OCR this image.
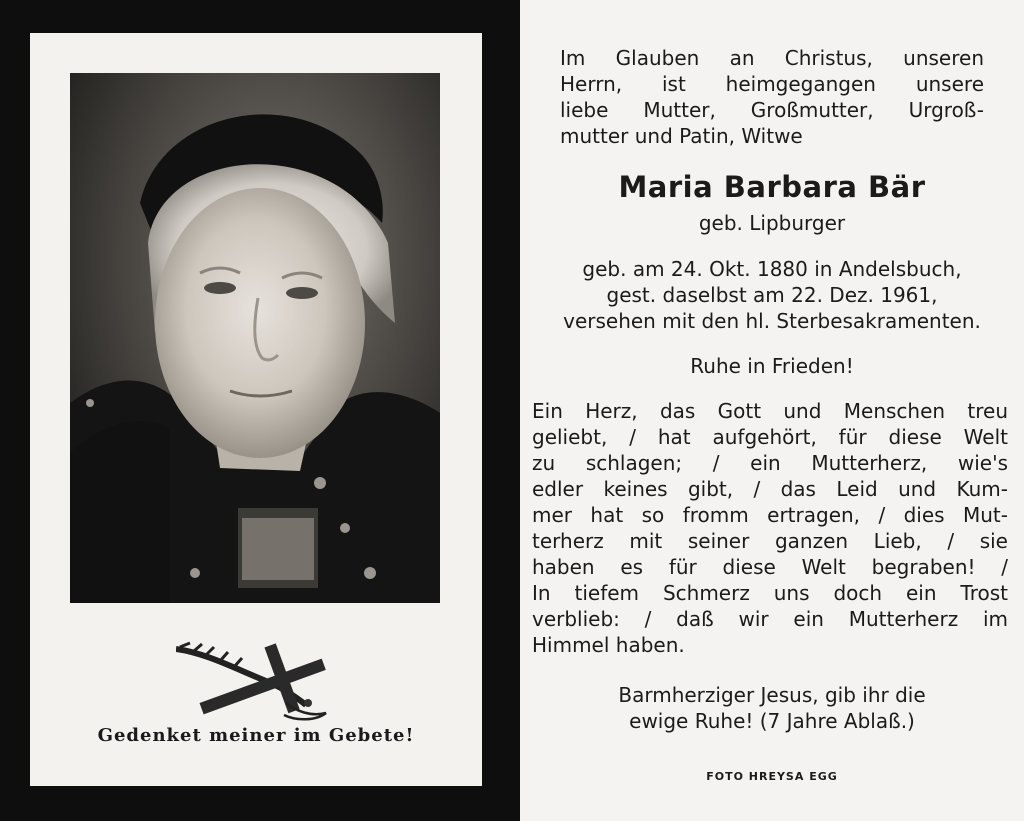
Gedenket meiner im Gebete!
Im Glauben an Christus, unseren
Herrn, ist heimgegangen unsere
liebe Mutter, Großmutter, Urgroß-
mutter und Patin, Witwe
Maria Barbara Bär
geb. Lipburger
geb. am 24. Okt. 1880 in Andelsbuch,
gest. daselbst am 22. Dez. 1961,
versehen mit den hl. Sterbesakramenten.
Ruhe in Frieden!
Ein Herz, das Gott und Menschen treu
geliebt, / hat aufgehört, für diese Welt
zu schlagen; / ein Mutterherz, wie's
edler keines gibt, / das Leid und Kum-
mer hat so fromm ertragen, / dies Mut-
terherz mit seiner ganzen Lieb, / sie
haben es für diese Welt begraben! /
In tiefem Schmerz uns doch ein Trost
verblieb: / daß wir ein Mutterherz im
Himmel haben.
Barmherziger Jesus, gib ihr die
ewige Ruhe! (7 Jahre Ablaß.)
FOTO HREYSA EGG
